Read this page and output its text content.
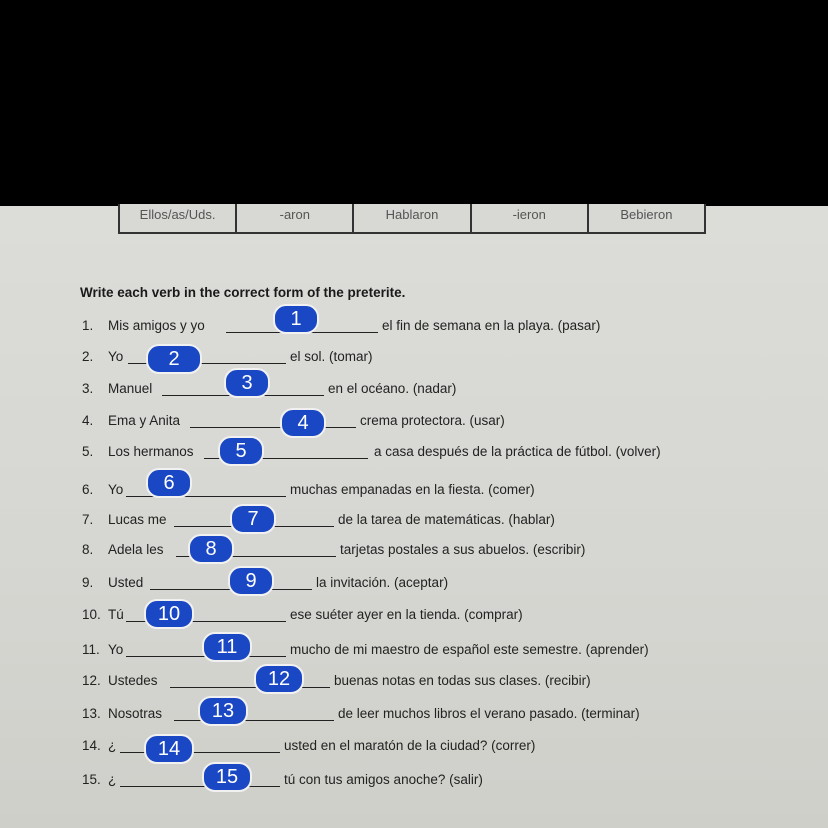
Ellos/as/Uds.	-aron	Hablaron	-ieron	Bebieron
Write each verb in the correct form of the preterite.
1. Mis amigos y yo	el fin de semana en la playa. (pasar)
1
2. Yo	el sol. (tomar)
2
3. Manuel	en el océano. (nadar)
3
4. Ema y Anita	crema protectora. (usar)
4
5. Los hermanos	a casa después de la práctica de fútbol. (volver)
5
6. Yo	muchas empanadas en la fiesta. (comer)
6
7. Lucas me	de la tarea de matemáticas. (hablar)
7
8. Adela les	tarjetas postales a sus abuelos. (escribir)
8
9. Usted	la invitación. (aceptar)
9
10. Tú	ese suéter ayer en la tienda. (comprar)
10
11. Yo	mucho de mi maestro de español este semestre. (aprender)
11
12. Ustedes	buenas notas en todas sus clases. (recibir)
12
13. Nosotras	de leer muchos libros el verano pasado. (terminar)
13
14. ¿	usted en el maratón de la ciudad? (correr)
14
15. ¿	tú con tus amigos anoche? (salir)
15
